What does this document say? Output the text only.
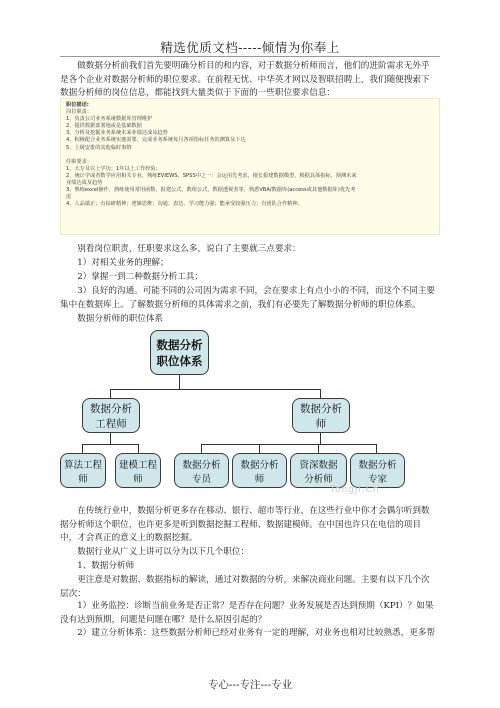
精选优质文档-----倾情为你奉上

做数据分析前我们首先要明确分析目的和内容，对于数据分析师而言，他们的进阶需求无外乎是各个企业对数据分析师的职位要求。在前程无忧、中华英才网以及智联招聘上，我们随便搜索下数据分析师的岗位信息，都能找到大量类似于下面的一些职位要求信息：

职位描述:
岗位职责：
1、负责公司业务系统数据库管理维护
2、提供数据部署地或是基础数据
3、分析及挖掘业务系统未来业绩达成及趋势
4、积极配合业务系统实施需要，完成业务系统每月各项指标任务的测算及下达
5、上级安排的其他临时事情
任职要求：
1、大专及以上学历；1年以上工作经验；
2、统计学或者数学应用相关专业，熟练EVIEWS、SPSS中之一：会运用先考虑，擅长报建数据模型、根据具体指标，预测未来
业绩达成及趋势
3、熟练excel操作，熟练使用常用函数，报建公式，数组公式，数据透视表等，熟悉VBA/数据库(access或其他数据库)优先考
虑
4、人品端正；有钻研精神；逻辑思维；沟通、表达、学习能力强；能承受较强压力；有团队合作精神。

别看岗位职责，任职要求这么多，说白了主要就三点要求：

1）对相关业务的理解；

2）掌握一到二种数据分析工具；

3）良好的沟通。可能不同的公司因为需求不同，会在要求上有点小小的不同，而这个不同主要集中在数据库上。了解数据分析师的具体需求之前，我们有必要先了解数据分析师的职位体系。

数据分析师的职位体系

数据分析
职位体系
数据分析
工程师
数据分析
师
算法工程
师
建模工程
师
数据分析
专员
数据分析
师
资深数据
分析师
数据分析
专家
Tongji.Cn

在传统行业中，数据分析更多存在移动、银行、超市等行业，在这些行业中你才会偶尔听到数据分析师这个职位，也许更多是听到数据挖掘工程师、数据建模师。在中国也许只在电信的项目中，才会真正的意义上的数据挖掘。

数据行业从广义上讲可以分为以下几个职位：

1、数据分析师

更注意是对数据、数据指标的解读，通过对数据的分析，来解决商业问题。主要有以下几个次层次：

1）业务监控：诊断当前业务是否正常？是否存在问题？业务发展是否达到预期（KPI）？如果没有达到预期，问题是问题在哪？是什么原因引起的？

2）建立分析体系：这些数据分析师已经对业务有一定的理解，对业务也相对比较熟悉，更多帮

专心---专注---专业
